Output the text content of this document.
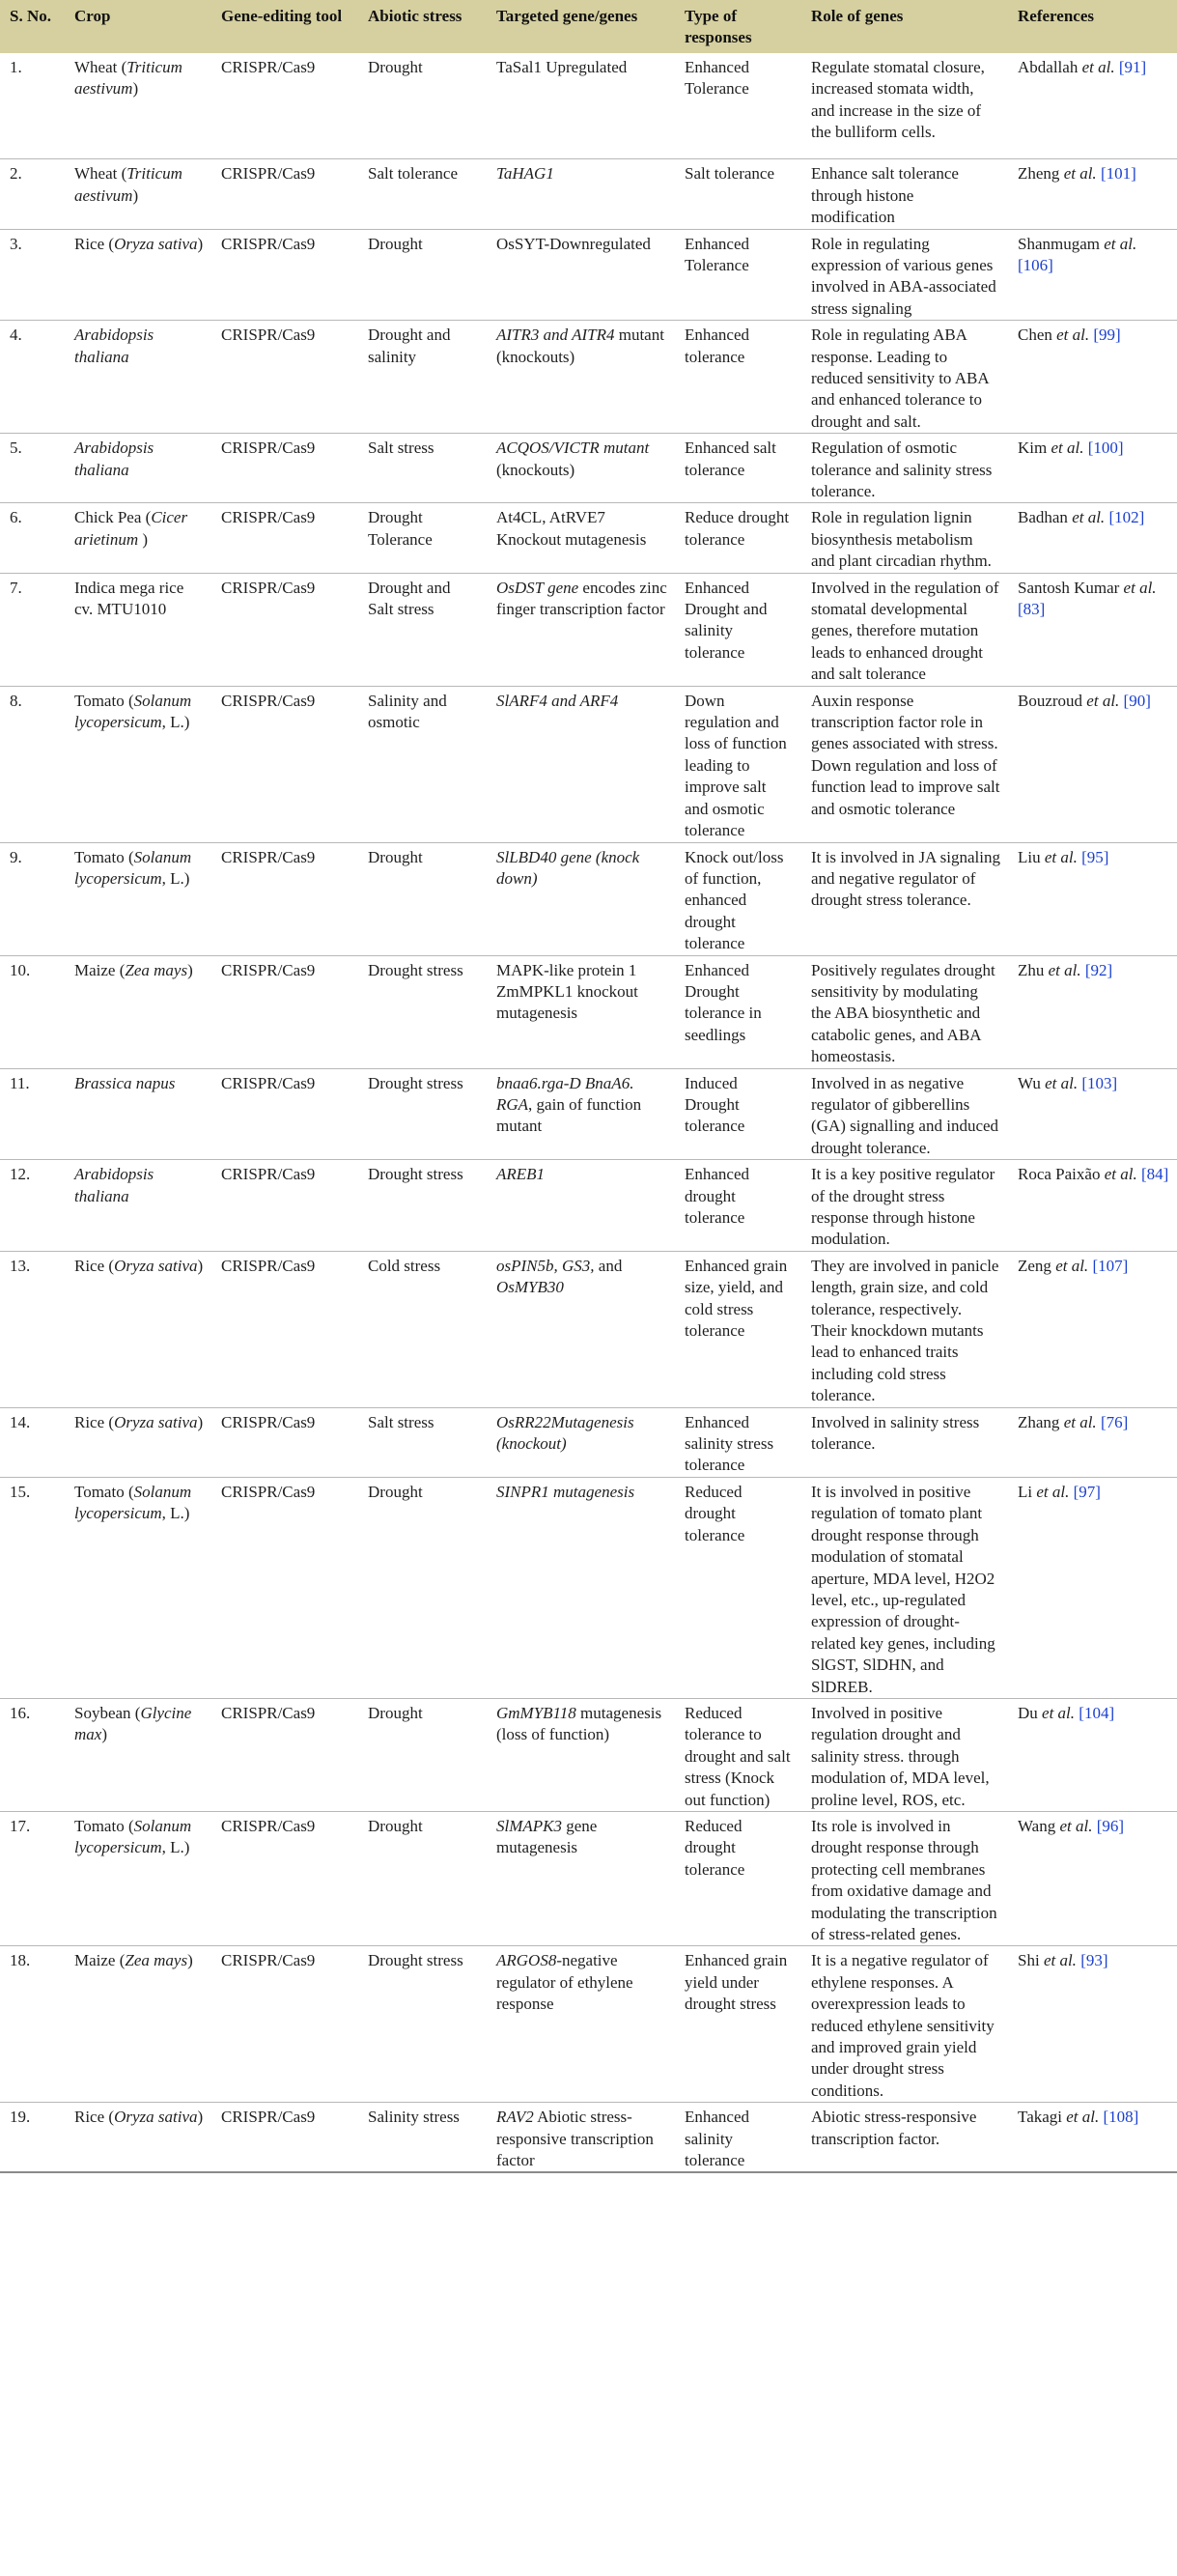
S. No.	Crop	Gene-editing tool	Abiotic stress	Targeted gene/genes	Type of responses	Role of genes	References
1.	Wheat (Triticum aestivum)	CRISPR/Cas9	Drought	TaSal1 Upregulated	Enhanced Tolerance	Regulate stomatal closure, increased stomata width, and increase in the size of the bulliform cells.	Abdallah et al. [91]
2.	Wheat (Triticum aestivum)	CRISPR/Cas9	Salt tolerance	TaHAG1	Salt tolerance	Enhance salt tolerance through histone modification	Zheng et al. [101]
3.	Rice (Oryza sativa)	CRISPR/Cas9	Drought	OsSYT-Downregulated	Enhanced Tolerance	Role in regulating expression of various genes involved in ABA-associated stress signaling	Shanmugam et al. [106]
4.	Arabidopsis thaliana	CRISPR/Cas9	Drought and salinity	AITR3 and AITR4 mutant (knockouts)	Enhanced tolerance	Role in regulating ABA response. Leading to reduced sensitivity to ABA and enhanced tolerance to drought and salt.	Chen et al. [99]
5.	Arabidopsis thaliana	CRISPR/Cas9	Salt stress	ACQOS/VICTR mutant (knockouts)	Enhanced salt tolerance	Regulation of osmotic tolerance and salinity stress tolerance.	Kim et al. [100]
6.	Chick Pea (Cicer arietinum )	CRISPR/Cas9	Drought Tolerance	At4CL, AtRVE7 Knockout mutagenesis	Reduce drought tolerance	Role in regulation lignin biosynthesis metabolism and plant circadian rhythm.	Badhan et al. [102]
7.	Indica mega rice cv. MTU1010	CRISPR/Cas9	Drought and Salt stress	OsDST gene encodes zinc finger transcription factor	Enhanced Drought and salinity tolerance	Involved in the regulation of stomatal developmental genes, therefore mutation leads to enhanced drought and salt tolerance	Santosh Kumar et al. [83]
8.	Tomato (Solanum lycopersicum, L.)	CRISPR/Cas9	Salinity and osmotic	SlARF4 and ARF4	Down regulation and loss of function leading to improve salt and osmotic tolerance	Auxin response transcription factor role in genes associated with stress. Down regulation and loss of function lead to improve salt and osmotic tolerance	Bouzroud et al. [90]
9.	Tomato (Solanum lycopersicum, L.)	CRISPR/Cas9	Drought	SlLBD40 gene (knock down)	Knock out/loss of function, enhanced drought tolerance	It is involved in JA signaling and negative regulator of drought stress tolerance.	Liu et al. [95]
10.	Maize (Zea mays)	CRISPR/Cas9	Drought stress	MAPK-like protein 1 ZmMPKL1 knockout mutagenesis	Enhanced Drought tolerance in seedlings	Positively regulates drought sensitivity by modulating the ABA biosynthetic and catabolic genes, and ABA homeostasis.	Zhu et al. [92]
11.	Brassica napus	CRISPR/Cas9	Drought stress	bnaa6.rga-D BnaA6. RGA, gain of function mutant	Induced Drought tolerance	Involved in as negative regulator of gibberellins (GA) signalling and induced drought tolerance.	Wu et al. [103]
12.	Arabidopsis thaliana	CRISPR/Cas9	Drought stress	AREB1	Enhanced drought tolerance	It is a key positive regulator of the drought stress response through histone modulation.	Roca Paixão et al. [84]
13.	Rice (Oryza sativa)	CRISPR/Cas9	Cold stress	osPIN5b, GS3, and OsMYB30	Enhanced grain size, yield, and cold stress tolerance	They are involved in panicle length, grain size, and cold tolerance, respectively. Their knockdown mutants lead to enhanced traits including cold stress tolerance.	Zeng et al. [107]
14.	Rice (Oryza sativa)	CRISPR/Cas9	Salt stress	OsRR22Mutagenesis (knockout)	Enhanced salinity stress tolerance	Involved in salinity stress tolerance.	Zhang et al. [76]
15.	Tomato (Solanum lycopersicum, L.)	CRISPR/Cas9	Drought	SINPR1 mutagenesis	Reduced drought tolerance	It is involved in positive regulation of tomato plant drought response through modulation of stomatal aperture, MDA level, H2O2 level, etc., up-regulated expression of drought-related key genes, including SlGST, SlDHN, and SlDREB.	Li et al. [97]
16.	Soybean (Glycine max)	CRISPR/Cas9	Drought	GmMYB118 mutagenesis (loss of function)	Reduced tolerance to drought and salt stress (Knock out function)	Involved in positive regulation drought and salinity stress. through modulation of, MDA level, proline level, ROS, etc.	Du et al. [104]
17.	Tomato (Solanum lycopersicum, L.)	CRISPR/Cas9	Drought	SlMAPK3 gene mutagenesis	Reduced drought tolerance	Its role is involved in drought response through protecting cell membranes from oxidative damage and modulating the transcription of stress-related genes.	Wang et al. [96]
18.	Maize (Zea mays)	CRISPR/Cas9	Drought stress	ARGOS8-negative regulator of ethylene response	Enhanced grain yield under drought stress	It is a negative regulator of ethylene responses. A overexpression leads to reduced ethylene sensitivity and improved grain yield under drought stress conditions.	Shi et al. [93]
19.	Rice (Oryza sativa)	CRISPR/Cas9	Salinity stress	RAV2 Abiotic stress-responsive transcription factor	Enhanced salinity tolerance	Abiotic stress-responsive transcription factor.	Takagi et al. [108]
